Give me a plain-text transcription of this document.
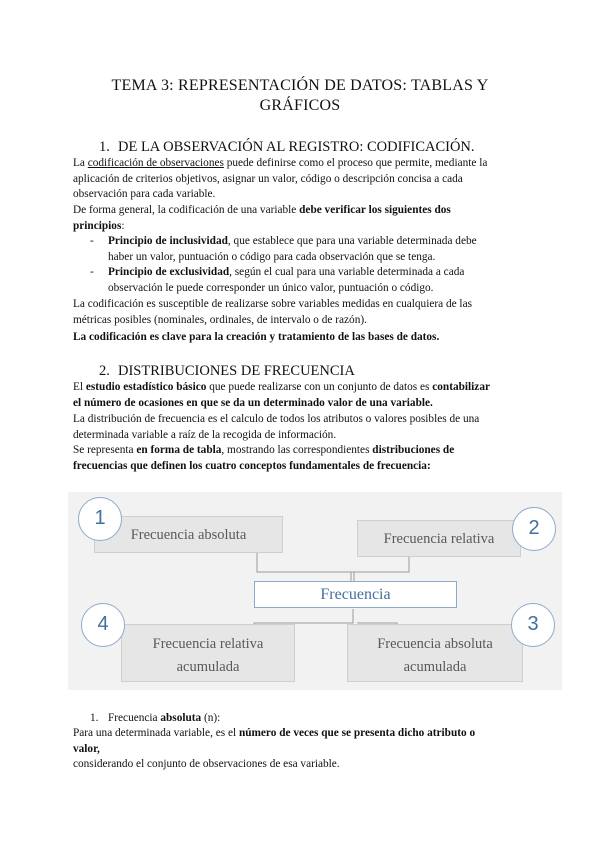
TEMA 3: REPRESENTACIÓN DE DATOS: TABLAS Y
GRÁFICOS
1. DE LA OBSERVACIÓN AL REGISTRO: CODIFICACIÓN.
La codificación de observaciones puede definirse como el proceso que permite, mediante la
aplicación de criterios objetivos, asignar un valor, código o descripción concisa a cada
observación para cada variable.
De forma general, la codificación de una variable debe verificar los siguientes dos
principios:
- Principio de inclusividad, que establece que para una variable determinada debe
haber un valor, puntuación o código para cada observación que se tenga.
- Principio de exclusividad, según el cual para una variable determinada a cada
observación le puede corresponder un único valor, puntuación o código.
La codificación es susceptible de realizarse sobre variables medidas en cualquiera de las
métricas posibles (nominales, ordinales, de intervalo o de razón).
La codificación es clave para la creación y tratamiento de las bases de datos.
2. DISTRIBUCIONES DE FRECUENCIA
El estudio estadístico básico que puede realizarse con un conjunto de datos es contabilizar
el número de ocasiones en que se da un determinado valor de una variable.
La distribución de frecuencia es el calculo de todos los atributos o valores posibles de una
determinada variable a raíz de la recogida de información.
Se representa en forma de tabla, mostrando las correspondientes distribuciones de
frecuencias que definen los cuatro conceptos fundamentales de frecuencia:
Frecuencia absoluta
1
Frecuencia relativa	2
Frecuencia
Frecuencia relativa
acumulada
4
Frecuencia absoluta
acumulada
3
1. Frecuencia absoluta (n):
Para una determinada variable, es el número de veces que se presenta dicho atributo o
valor,
considerando el conjunto de observaciones de esa variable.
